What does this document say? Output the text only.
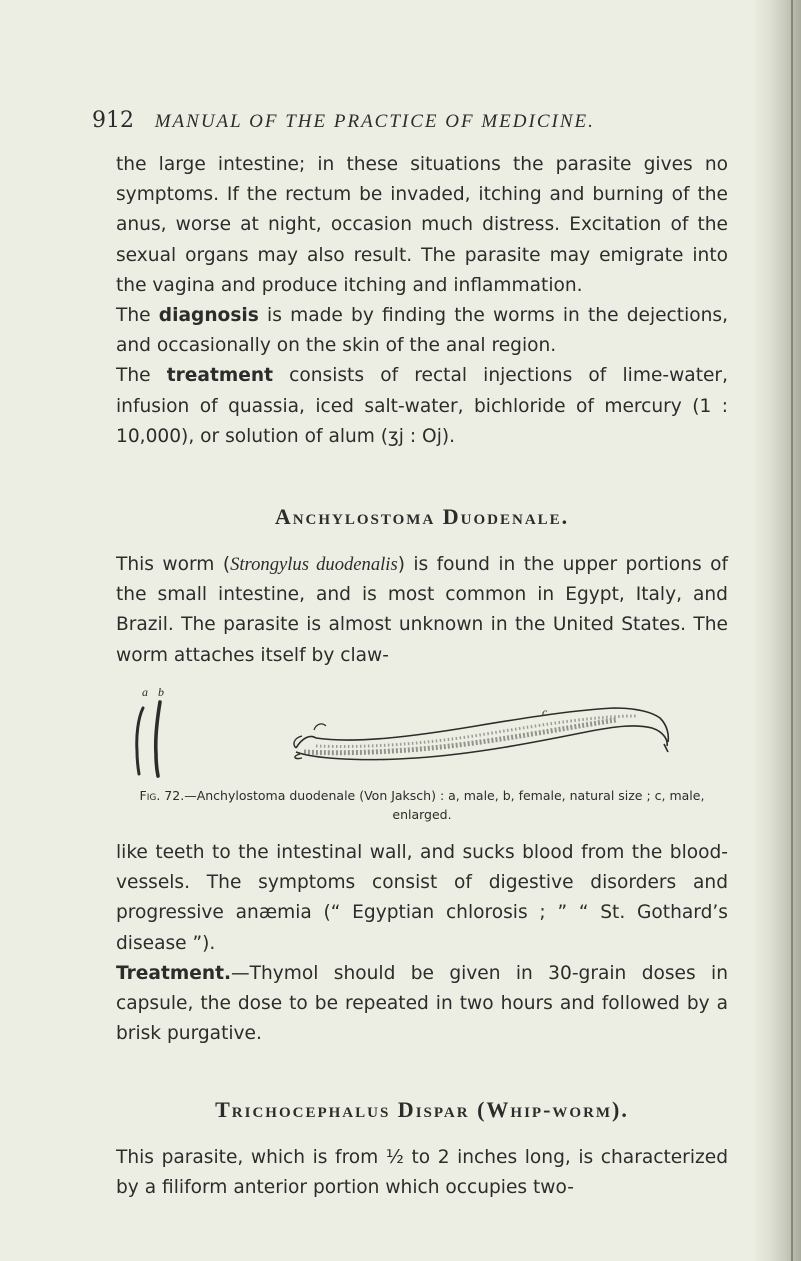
912 MANUAL OF THE PRACTICE OF MEDICINE.

the large intestine; in these situations the parasite gives no symptoms. If the rectum be invaded, itching and burning of the anus, worse at night, occasion much distress. Excitation of the sexual organs may also result. The parasite may emigrate into the vagina and produce itching and inflammation.

The diagnosis is made by finding the worms in the dejections, and occasionally on the skin of the anal region.

The treatment consists of rectal injections of lime-water, infusion of quassia, iced salt-water, bichloride of mercury (1 : 10,000), or solution of alum (ʒj : Oj).

Anchylostoma Duodenale.

This worm (Strongylus duodenalis) is found in the upper portions of the small intestine, and is most common in Egypt, Italy, and Brazil. The parasite is almost unknown in the United States. The worm attaches itself by claw-

a b
c
Fig. 72.—Anchylostoma duodenale (Von Jaksch) : a, male, b, female, natural size ; c, male, enlarged.

like teeth to the intestinal wall, and sucks blood from the blood-vessels. The symptoms consist of digestive disorders and progressive anæmia (“ Egyptian chlorosis ; ” “ St. Gothard’s disease ”).

Treatment.—Thymol should be given in 30-grain doses in capsule, the dose to be repeated in two hours and followed by a brisk purgative.

Trichocephalus Dispar (Whip-worm).

This parasite, which is from ½ to 2 inches long, is characterized by a filiform anterior portion which occupies two-
